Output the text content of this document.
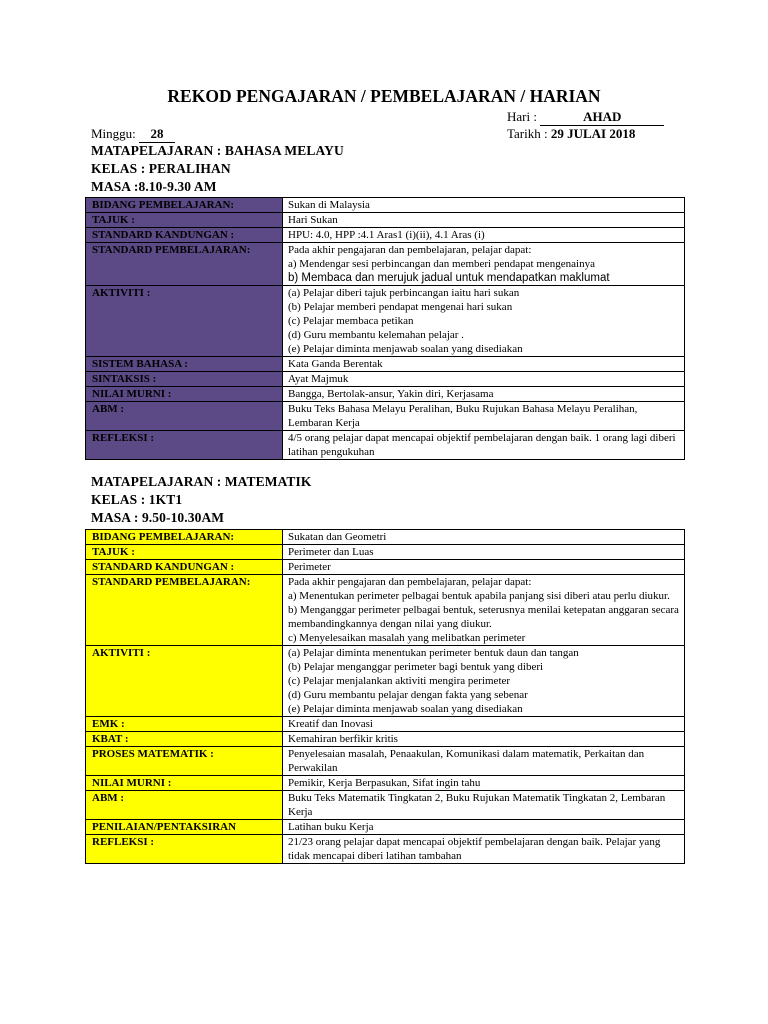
REKOD PENGAJARAN / PEMBELAJARAN / HARIAN
Hari :	AHAD
Minggu: 28	Tarikh : 29 JULAI 2018
MATAPELAJARAN : BAHASA MELAYU
KELAS : PERALIHAN
MASA :8.10-9.30 AM
BIDANG PEMBELAJARAN:	Sukan di Malaysia

TAJUK :	Hari Sukan

STANDARD KANDUNGAN :	HPU: 4.0, HPP :4.1 Aras1 (i)(ii), 4.1 Aras (i)

STANDARD PEMBELAJARAN:	Pada akhir pengajaran dan pembelajaran, pelajar dapat:
a) Mendengar sesi perbincangan dan memberi pendapat mengenainya
b) Membaca dan merujuk jadual untuk mendapatkan maklumat

AKTIVITI :	(a) Pelajar diberi tajuk perbincangan iaitu hari sukan
(b) Pelajar memberi pendapat mengenai hari sukan
(c) Pelajar membaca petikan
(d) Guru membantu kelemahan pelajar .
(e) Pelajar diminta menjawab soalan yang disediakan

SISTEM BAHASA :	Kata Ganda Berentak

SINTAKSIS :	Ayat Majmuk

NILAI MURNI :	Bangga, Bertolak-ansur, Yakin diri, Kerjasama

ABM :	Buku Teks Bahasa Melayu Peralihan, Buku Rujukan Bahasa Melayu Peralihan, Lembaran Kerja

REFLEKSI :	4/5 orang pelajar dapat mencapai objektif pembelajaran dengan baik. 1 orang lagi diberi latihan pengukuhan
MATAPELAJARAN : MATEMATIK
KELAS : 1KT1
MASA : 9.50-10.30AM
BIDANG PEMBELAJARAN:	Sukatan dan Geometri

TAJUK :	Perimeter dan Luas

STANDARD KANDUNGAN :	Perimeter

STANDARD PEMBELAJARAN:	Pada akhir pengajaran dan pembelajaran, pelajar dapat:
a) Menentukan perimeter pelbagai bentuk apabila panjang sisi diberi atau perlu diukur.
b) Menganggar perimeter pelbagai bentuk, seterusnya menilai ketepatan anggaran secara membandingkannya dengan nilai yang diukur.
c) Menyelesaikan masalah yang melibatkan perimeter

AKTIVITI :	(a) Pelajar diminta menentukan perimeter bentuk daun dan tangan
(b) Pelajar menganggar perimeter bagi bentuk yang diberi
(c) Pelajar menjalankan aktiviti mengira perimeter
(d) Guru membantu pelajar dengan fakta yang sebenar
(e) Pelajar diminta menjawab soalan yang disediakan

EMK :	Kreatif dan Inovasi

KBAT :	Kemahiran berfikir kritis

PROSES MATEMATIK :	Penyelesaian masalah, Penaakulan, Komunikasi dalam matematik, Perkaitan dan Perwakilan

NILAI MURNI :	Pemikir, Kerja Berpasukan, Sifat ingin tahu

ABM :	Buku Teks Matematik Tingkatan 2, Buku Rujukan Matematik Tingkatan 2, Lembaran Kerja

PENILAIAN/PENTAKSIRAN	Latihan buku Kerja

REFLEKSI :	21/23 orang pelajar dapat mencapai objektif pembelajaran dengan baik. Pelajar yang tidak mencapai diberi latihan tambahan
